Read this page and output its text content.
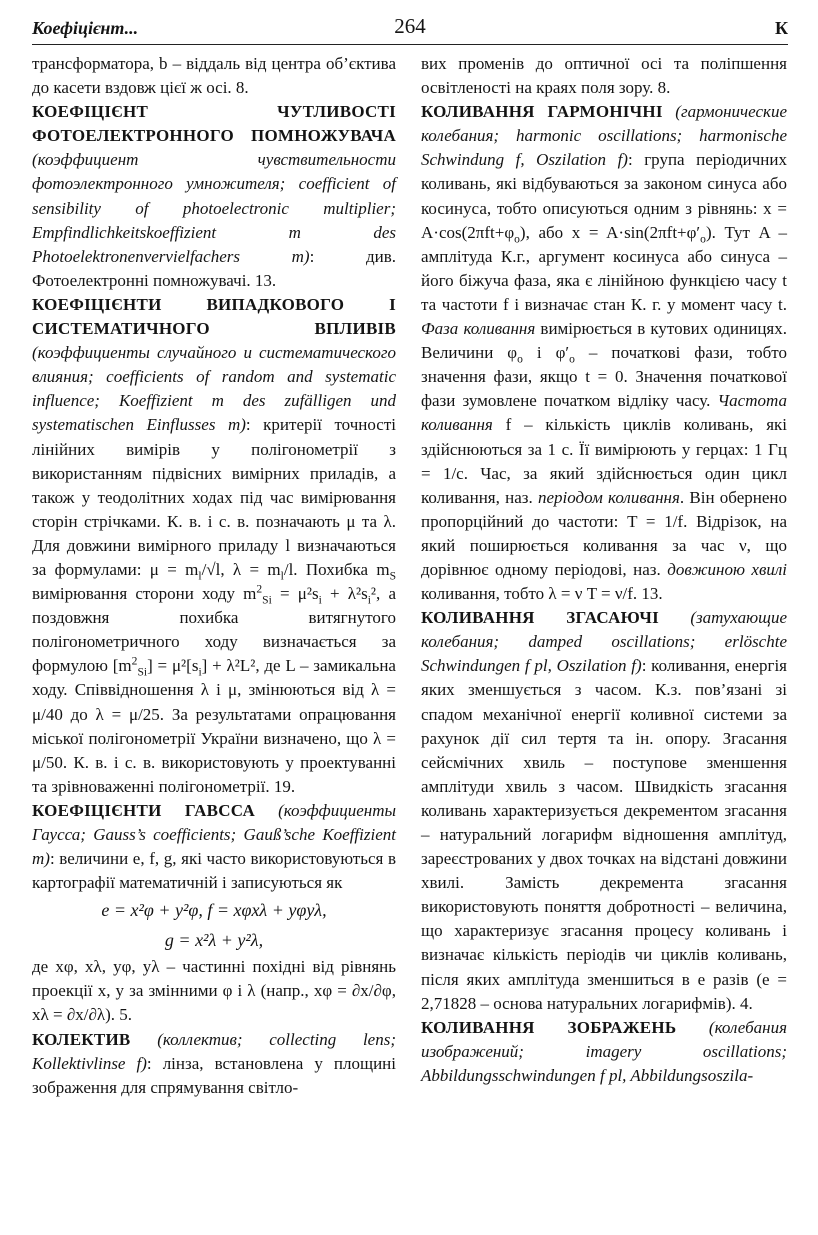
Коефіцієнт...	264	К

трансформатора, b – віддаль від центра об’єктива до касети вздовж цієї ж осі. 8.

КОЕФІЦІЄНТ ЧУТЛИВОСТІ ФОТОЕЛЕКТРОННОГО ПОМНОЖУВАЧА (коэффициент чувствительности фотоэлектронного умножителя; coefficient of sensibility of photoelectronic multiplier; Empfindlichkeitskoeffizient m des Photoelektronenvervielfachers m): див. Фотоелектронні помножувачі. 13.

КОЕФІЦІЄНТИ ВИПАДКОВОГО І СИСТЕМАТИЧНОГО ВПЛИВІВ (коэффициенты случайного и систематического влияния; coefficients of random and systematic influence; Koeffizient m des zufälligen und systematischen Einflusses m): критерії точності лінійних вимірів у полігонометрії з використанням підвісних вимірних приладів, а також у теодолітних ходах під час вимірювання сторін стрічками. К. в. і с. в. позначають μ та λ. Для довжини вимірного приладу l визначаються за формулами: $\mu = m_l/√l$, $\lambda = m_l/l$. Похибка $m_S$ вимірювання сторони ходу $m^2_{Si} = \mu^2s_i + \lambda^2s_i^2$, а поздовжня похибка витягнутого полігонометричного ходу визначається за формулою $[m^2_{Si}] = \mu^2[s_i] + \lambda^2L^2$, де L – замикальна ходу. Співвідношення λ і μ, змінюються від λ = μ/40 до λ = μ/25. За результатами опрацювання міської полігонометрії України визначено, що λ = μ/50. К. в. і с. в. використовують у проектуванні та зрівноваженні полігонометрії. 19.

КОЕФІЦІЄНТИ ГАВССА (коэффициенты Гаусса; Gauss’s coefficients; Gauß’sche Koeffizient m): величини e, f, g, які часто використовуються в картографії математичній і записуються як

e = x²φ + y²φ, f = xφxλ + yφyλ,
g = x²λ + y²λ,

де xφ, xλ, yφ, yλ – частинні похідні від рівнянь проекції x, y за змінними φ і λ (напр., xφ = ∂x/∂φ, xλ = ∂x/∂λ). 5.

КОЛЕКТИВ (коллектив; collecting lens; Kollektivlinse f): лінза, встановлена у площині зображення для спрямування світло-

вих променів до оптичної осі та поліпшення освітленості на краях поля зору. 8.

КОЛИВАННЯ ГАРМОНІЧНІ (гармонические колебания; harmonic oscillations; harmonische Schwindung f, Oszilation f): група періодичних коливань, які відбуваються за законом синуса або косинуса, тобто описуються одним з рівнянь: $x = A\cdot\cos(2\pi ft+\varphi_o)$, або $x = A\cdot\sin(2\pi ft+\varphi'_o)$. Тут A – амплітуда К.г., аргумент косинуса або синуса – його біжуча фаза, яка є лінійною функцією часу t та частоти f і визначає стан К. г. у момент часу t. Фаза коливання вимірюється в кутових одиницях. Величини $\varphi_o$ і $\varphi'_o$ – початкові фази, тобто значення фази, якщо t = 0. Значення початкової фази зумовлене початком відліку часу. Частота коливання f – кількість циклів коливань, які здійснюються за 1 с. Її вимірюють у герцах: 1 Гц = 1/с. Час, за який здійснюється один цикл коливання, наз. періодом коливання. Він обернено пропорційний до частоти: T = 1/f. Відрізок, на який поширюється коливання за час ν, що дорівнює одному періодові, наз. довжиною хвилі коливання, тобто λ = ν T = ν/f. 13.

КОЛИВАННЯ ЗГАСАЮЧІ (затухающие колебания; damped oscillations; erlöschte Schwindungen f pl, Oszilation f): коливання, енергія яких зменшується з часом. К.з. пов’язані зі спадом механічної енергії коливної системи за рахунок дії сил тертя та ін. опору. Згасання сейсмічних хвиль – поступове зменшення амплітуди хвиль з часом. Швидкість згасання коливань характеризується декрементом згасання – натуральний логарифм відношення амплітуд, зареєстрованих у двох точках на відстані довжини хвилі. Замість декремента згасання використовують поняття добротності – величина, що характеризує згасання процесу коливань і визначає кількість періодів чи циклів коливань, після яких амплітуда зменшиться в e разів (e = 2,71828 – основа натуральних логарифмів). 4.

КОЛИВАННЯ ЗОБРАЖЕНЬ (колебания изображений; imagery oscillations; Abbildungsschwindungen f pl, Abbildungsoszila-
